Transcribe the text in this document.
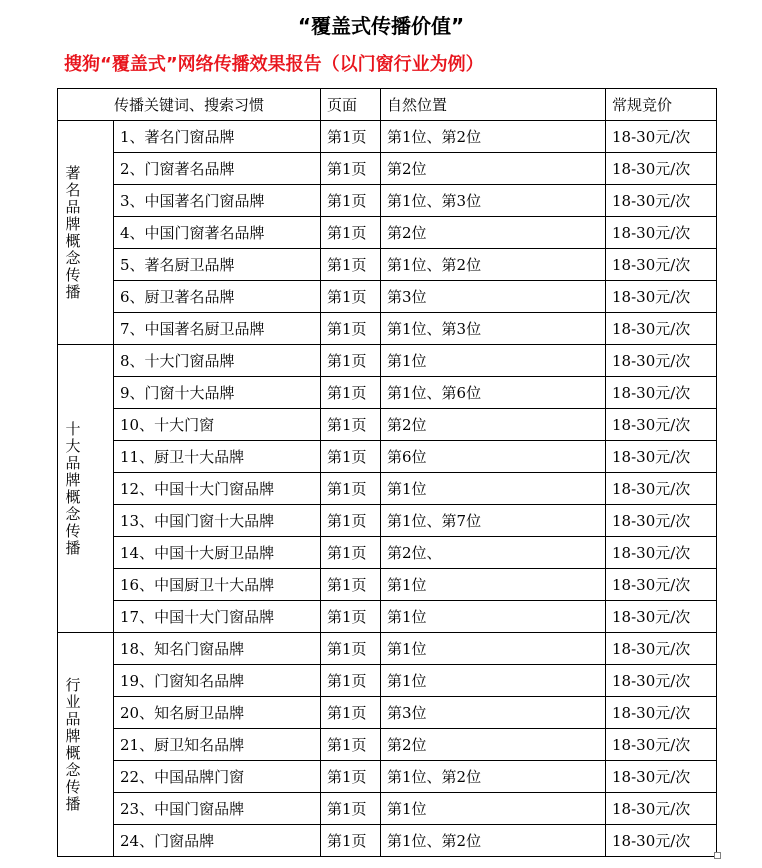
“覆盖式传播价值”
搜狗“覆盖式”网络传播效果报告（以门窗行业为例）
传播关键词、搜索习惯		页面	自然位置	常规竞价
著名品牌 概念传播	1、著名门窗品牌	第1页	第1位、第2位	18-30元/次
	2、门窗著名品牌	第1页	第2位	18-30元/次
	3、中国著名门窗品牌	第1页	第1位、第3位	18-30元/次
	4、中国门窗著名品牌	第1页	第2位	18-30元/次
	5、著名厨卫品牌	第1页	第1位、第2位	18-30元/次
	6、厨卫著名品牌	第1页	第3位	18-30元/次
	7、中国著名厨卫品牌	第1页	第1位、第3位	18-30元/次
十大品牌 概念传播	8、十大门窗品牌	第1页	第1位	18-30元/次
	9、门窗十大品牌	第1页	第1位、第6位	18-30元/次
	10、十大门窗	第1页	第2位	18-30元/次
	11、厨卫十大品牌	第1页	第6位	18-30元/次
	12、中国十大门窗品牌	第1页	第1位	18-30元/次
	13、中国门窗十大品牌	第1页	第1位、第7位	18-30元/次
	14、中国十大厨卫品牌	第1页	第2位、	18-30元/次
	16、中国厨卫十大品牌	第1页	第1位	18-30元/次
	17、中国十大门窗品牌	第1页	第1位	18-30元/次
行业品牌 概念传播	18、知名门窗品牌	第1页	第1位	18-30元/次
	19、门窗知名品牌	第1页	第1位	18-30元/次
	20、知名厨卫品牌	第1页	第3位	18-30元/次
	21、厨卫知名品牌	第1页	第2位	18-30元/次
	22、中国品牌门窗	第1页	第1位、第2位	18-30元/次
	23、中国门窗品牌	第1页	第1位	18-30元/次
	24、门窗品牌	第1页	第1位、第2位	18-30元/次
